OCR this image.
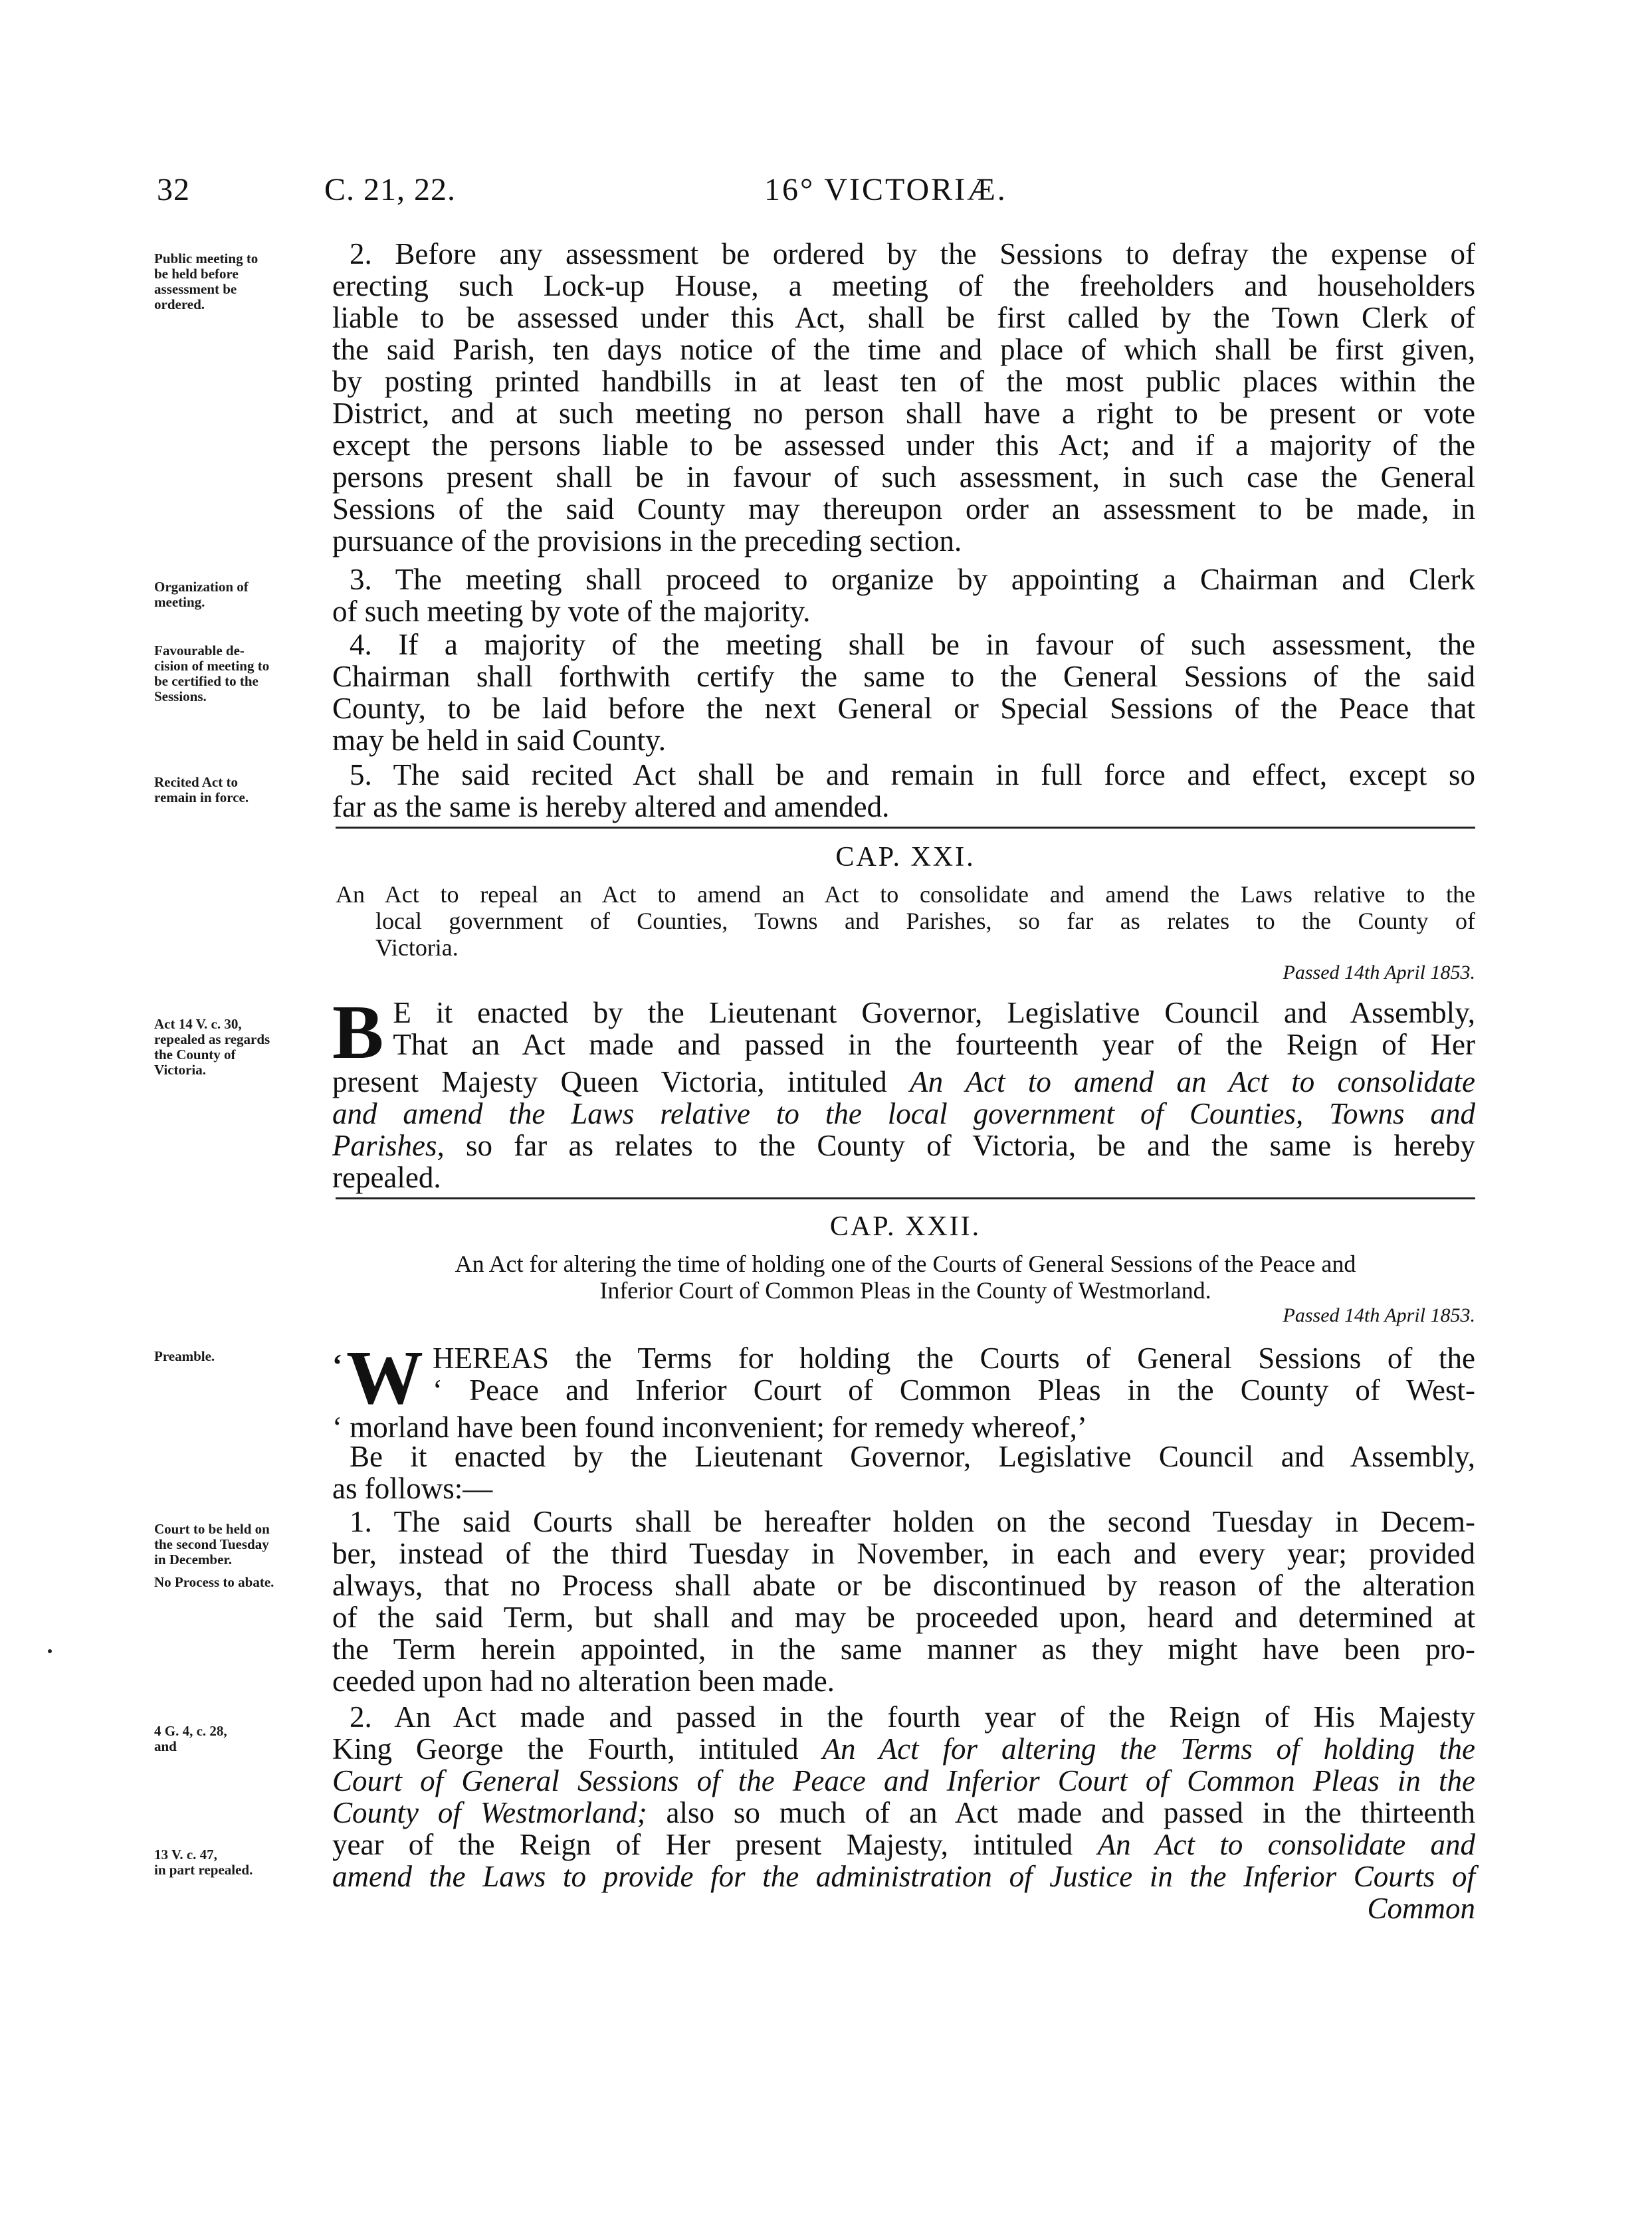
32	C. 21, 22.	16° VICTORIÆ.
Public meeting to
be held before
assessment be
ordered.
Organization of
meeting.
Favourable de-
cision of meeting to
be certified to the
Sessions.
Recited Act to
remain in force.
Act 14 V. c. 30,
repealed as regards
the County of
Victoria.
Preamble.
Court to be held on
the second Tuesday
in December.
No Process to abate.
4 G. 4, c. 28,
and
13 V. c. 47,
in part repealed.
2. Before any assessment be ordered by the Sessions to defray the expense of
erecting such Lock-up House, a meeting of the freeholders and householders
liable to be assessed under this Act, shall be first called by the Town Clerk of
the said Parish, ten days notice of the time and place of which shall be first given,
by posting printed handbills in at least ten of the most public places within the
District, and at such meeting no person shall have a right to be present or vote
except the persons liable to be assessed under this Act; and if a majority of the
persons present shall be in favour of such assessment, in such case the General
Sessions of the said County may thereupon order an assessment to be made, in
pursuance of the provisions in the preceding section.
3. The meeting shall proceed to organize by appointing a Chairman and Clerk
of such meeting by vote of the majority.
4. If a majority of the meeting shall be in favour of such assessment, the
Chairman shall forthwith certify the same to the General Sessions of the said
County, to be laid before the next General or Special Sessions of the Peace that
may be held in said County.
5. The said recited Act shall be and remain in full force and effect, except so
far as the same is hereby altered and amended.
CAP. XXI.
An Act to repeal an Act to amend an Act to consolidate and amend the Laws relative to the
local government of Counties, Towns and Parishes, so far as relates to the County of
Victoria.
Passed 14th April 1853.
B E it enacted by the Lieutenant Governor, Legislative Council and Assembly,
That an Act made and passed in the fourteenth year of the Reign of Her
present Majesty Queen Victoria, intituled An Act to amend an Act to consolidate
and amend the Laws relative to the local government of Counties, Towns and
Parishes, so far as relates to the County of Victoria, be and the same is hereby
repealed.
CAP. XXII.
An Act for altering the time of holding one of the Courts of General Sessions of the Peace and
Inferior Court of Common Pleas in the County of Westmorland.
Passed 14th April 1853.
‘ W HEREAS the Terms for holding the Courts of General Sessions of the
‘ Peace and Inferior Court of Common Pleas in the County of West-
‘ morland have been found inconvenient; for remedy whereof,’
Be it enacted by the Lieutenant Governor, Legislative Council and Assembly,
as follows:—
1. The said Courts shall be hereafter holden on the second Tuesday in Decem-
ber, instead of the third Tuesday in November, in each and every year; provided
always, that no Process shall abate or be discontinued by reason of the alteration
of the said Term, but shall and may be proceeded upon, heard and determined at
the Term herein appointed, in the same manner as they might have been pro-
ceeded upon had no alteration been made.
2. An Act made and passed in the fourth year of the Reign of His Majesty
King George the Fourth, intituled An Act for altering the Terms of holding the
Court of General Sessions of the Peace and Inferior Court of Common Pleas in the
County of Westmorland; also so much of an Act made and passed in the thirteenth
year of the Reign of Her present Majesty, intituled An Act to consolidate and
amend the Laws to provide for the administration of Justice in the Inferior Courts of
Common
